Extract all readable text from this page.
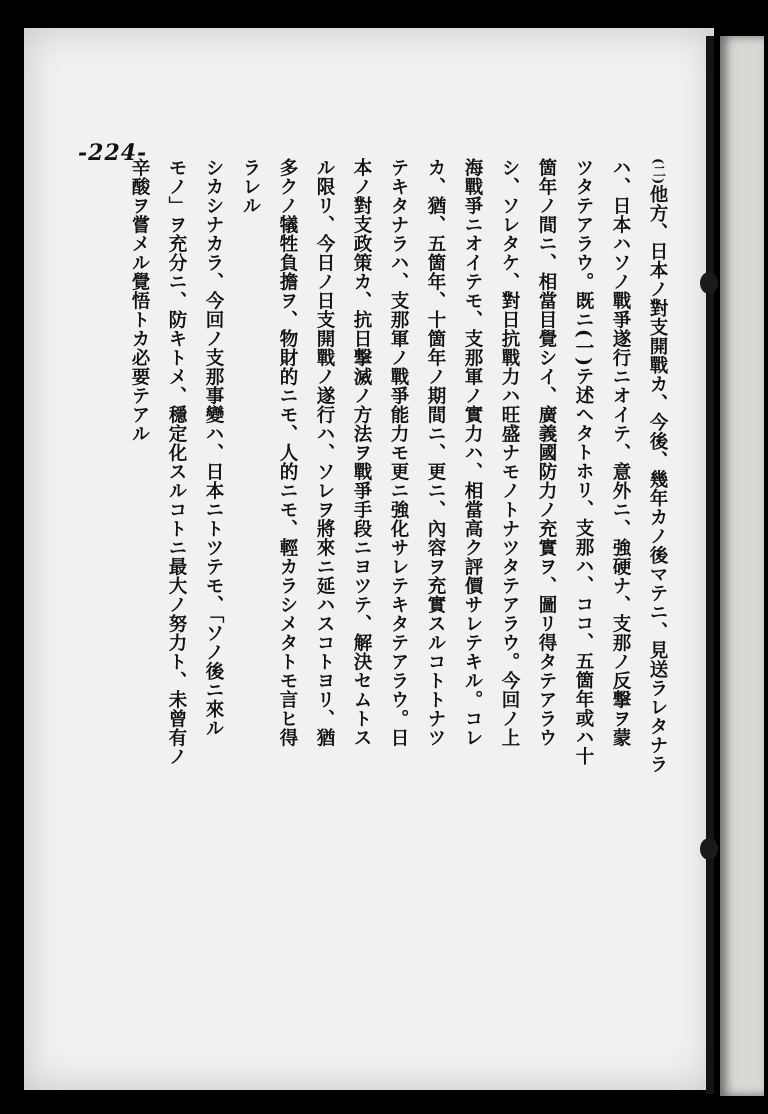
-224-
(二)他方、日本ノ對支開戰カ、今後、幾年カノ後マテニ、見送ラレタナラ
ハ、日本ハソノ戰爭遂行ニオイテ、意外ニ、強硬ナ、支那ノ反撃ヲ蒙
ツタテアラウ。既ニ(一)テ述ヘタトホリ、支那ハ、ココ、五箇年或ハ十
箇年ノ間ニ、相當目覺シイ、廣義國防力ノ充實ヲ、圖リ得タテアラウ
シ、ソレタケ、對日抗戰力ハ旺盛ナモノトナツタテアラウ。今回ノ上
海戰爭ニオイテモ、支那軍ノ實力ハ、相當高ク評價サレテキル。コレ
カ、猶、五箇年、十箇年ノ期間ニ、更ニ、內容ヲ充實スルコトトナツ
テキタナラハ、支那軍ノ戰爭能力モ更ニ強化サレテキタテアラウ。日
本ノ對支政策カ、抗日撃滅ノ方法ヲ戰爭手段ニヨツテ、解決セムトス
ル限リ、今日ノ日支開戰ノ遂行ハ、ソレヲ將來ニ延ハスコトヨリ、猶
多クノ犠牲負擔ヲ、物財的ニモ、人的ニモ、輕カラシメタトモ言ヒ得
ラレル
シカシナカラ、今回ノ支那事變ハ、日本ニトツテモ、「ソノ後ニ來ル
モノ」ヲ充分ニ、防キトメ、穩定化スルコトニ最大ノ努力ト、未曾有ノ
辛酸ヲ嘗メル覺悟トカ必要テアル
